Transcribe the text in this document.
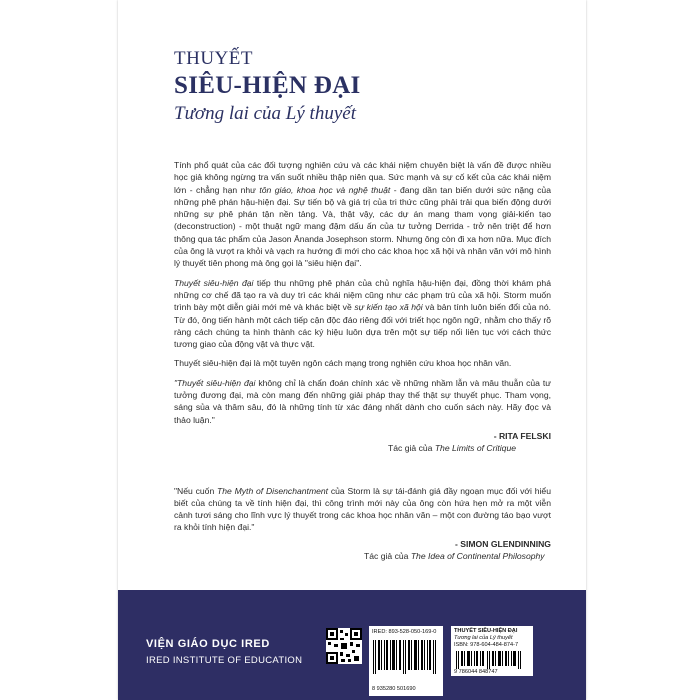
THUYẾT
SIÊU-HIỆN ĐẠI
Tương lai của Lý thuyết

Tính phổ quát của các đối tượng nghiên cứu và các khái niệm chuyên biệt là vấn đề được nhiều học giả không ngừng tra vấn suốt nhiều thập niên qua. Sức mạnh và sự cố kết của các khái niệm lớn - chẳng hạn như tôn giáo, khoa học và nghệ thuật - đang dần tan biến dưới sức nặng của những phê phán hậu-hiện đại. Sự tiến bộ và giá trị của tri thức cũng phải trải qua biến động dưới những sự phê phán tận nền tảng. Và, thật vậy, các dự án mang tham vọng giải-kiến tạo (deconstruction) - một thuật ngữ mang đậm dấu ấn của tư tưởng Derrida - trở nên triệt để hơn thông qua tác phẩm của Jason Ānanda Josephson storm. Nhưng ông còn đi xa hơn nữa. Mục đích của ông là vượt ra khỏi và vạch ra hướng đi mới cho các khoa học xã hội và nhân văn với mô hình lý thuyết tiên phong mà ông gọi là "siêu hiện đại".

Thuyết siêu-hiện đại tiếp thu những phê phán của chủ nghĩa hậu-hiện đại, đồng thời khám phá những cơ chế đã tạo ra và duy trì các khái niệm cũng như các phạm trù của xã hội. Storm muốn trình bày một diễn giải mới mẻ và khác biệt về sự kiến tạo xã hội và bản tính luôn biến đổi của nó. Từ đó, ông tiến hành một cách tiếp cận độc đáo riêng đối với triết học ngôn ngữ, nhằm cho thấy rõ ràng cách chúng ta hình thành các ký hiệu luôn dựa trên một sự tiếp nối liên tục với cách thức tương giao của động vật và thực vật.

Thuyết siêu-hiện đại là một tuyên ngôn cách mạng trong nghiên cứu khoa học nhân văn.

"Thuyết siêu-hiện đại không chỉ là chẩn đoán chính xác về những nhầm lẫn và mâu thuẫn của tư tưởng đương đại, mà còn mang đến những giải pháp thay thế thật sự thuyết phục. Tham vọng, sáng sủa và thâm sâu, đó là những tính từ xác đáng nhất dành cho cuốn sách này. Hãy đọc và thảo luận."

- RITA FELSKI
Tác giả của The Limits of Critique

"Nếu cuốn The Myth of Disenchantment của Storm là sự tái-đánh giá đầy ngoạn mục đối với hiểu biết của chúng ta về tính hiện đại, thì công trình mới này của ông còn hứa hẹn mở ra một viễn cảnh tươi sáng cho lĩnh vực lý thuyết trong các khoa học nhân văn – một con đường táo bạo vượt ra khỏi tính hiện đại."

- SIMON GLENDINNING
Tác giả của The Idea of Continental Philosophy
VIỆN GIÁO DỤC IRED
IRED INSTITUTE OF EDUCATION
IRED: 893-528-050-169-0
8 935280 501690
THUYẾT SIÊU-HIỆN ĐẠI
Tương lai của Lý thuyết
ISBN: 978-604-484-874-7
9 786044 848747
